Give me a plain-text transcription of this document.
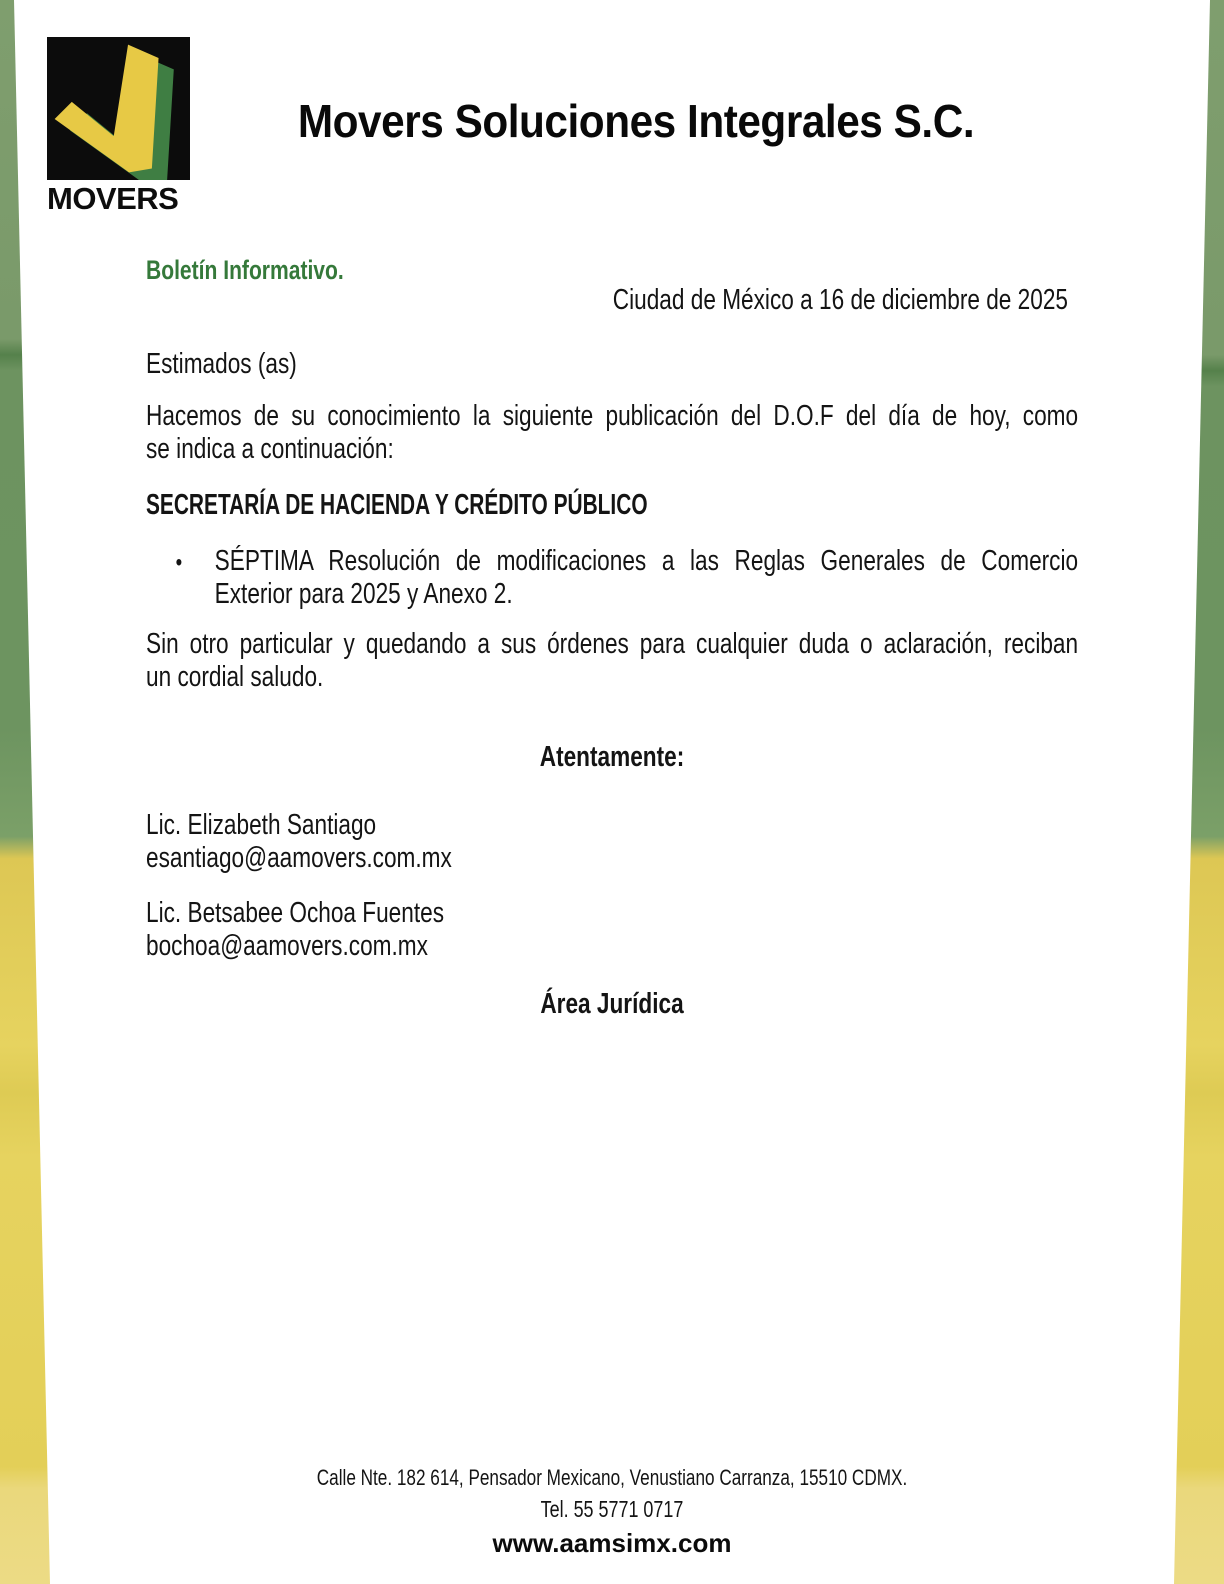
MOVERS
Movers Soluciones Integrales S.C.
Boletín Informativo.
Ciudad de México a 16 de diciembre de 2025
Estimados (as)
Hacemos de su conocimiento la siguiente publicación del D.O.F del día de hoy, como
se indica a continuación:
SECRETARÍA DE HACIENDA Y CRÉDITO PÚBLICO
• SÉPTIMA Resolución de modificaciones a las Reglas Generales de Comercio
Exterior para 2025 y Anexo 2.
Sin otro particular y quedando a sus órdenes para cualquier duda o aclaración, reciban
un cordial saludo.
Atentamente:
Lic. Elizabeth Santiago
esantiago@aamovers.com.mx
Lic. Betsabee Ochoa Fuentes
bochoa@aamovers.com.mx
Área Jurídica
Calle Nte. 182 614, Pensador Mexicano, Venustiano Carranza, 15510 CDMX.
Tel. 55 5771 0717
www.aamsimx.com
